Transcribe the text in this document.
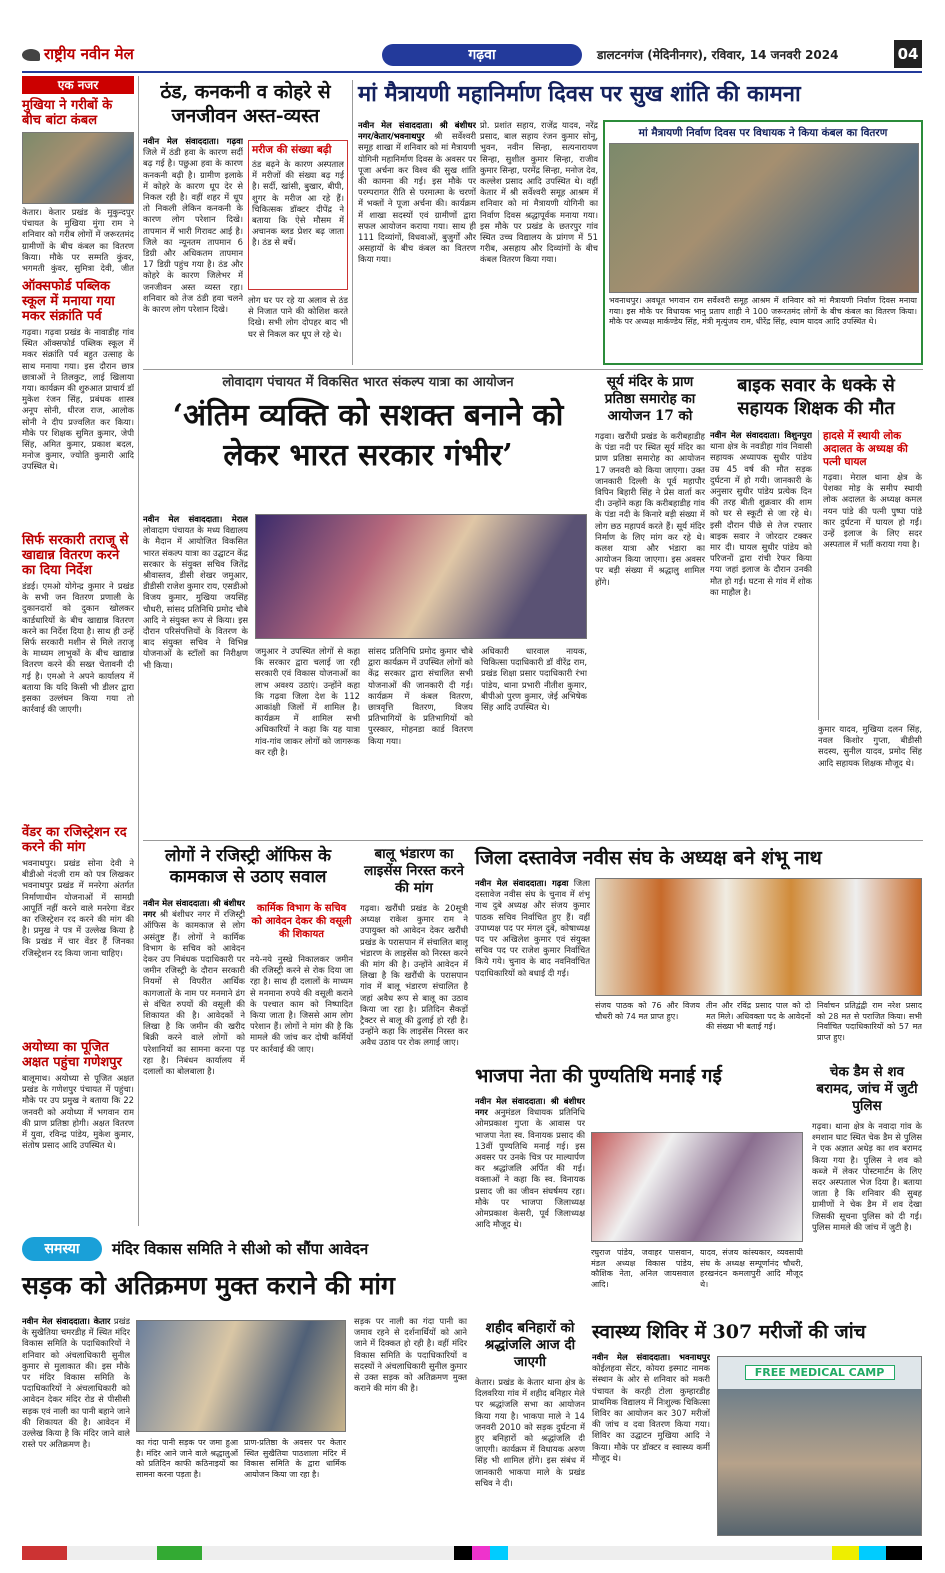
राष्ट्रीय नवीन मेल	गढ़वा	डालटनगंज (मेदिनीनगर), रविवार, 14 जनवरी 2024	04
एक नजर
मुखिया ने गरीबों के बीच बांटा कंबल
केतार। केतार प्रखंड के मुकुन्दपुर पंचायत के मुखिया मुंगा राम ने शनिवार को गरीब लोगों में जरूरतमंद ग्रामीणों के बीच कंबल का वितरण किया। मौके पर सम्मति कुंवर, भगमती कुंवर, सुमित्रा देवी, जीत
ऑक्सफोर्ड पब्लिक स्कूल में मनाया गया मकर संक्रांति पर्व
गढ़वा। गढ़वा प्रखंड के नावाडीह गांव स्थित ऑक्सफोर्ड पब्लिक स्कूल में मकर संक्रांति पर्व बहुत उत्साह के साथ मनाया गया। इस दौरान छात्र छात्राओं ने तिलकुट, लाई खिलाया गया। कार्यक्रम की शुरुआत प्राचार्य डॉ मुकेश रंजन सिंह, प्रबंधक शास्त्र अनूप सोनी, धीरज राज, आलोक सोनी ने दीप प्रज्वलित कर किया। मौके पर शिक्षक सुमित कुमार, जेपी सिंह, अमित कुमार, प्रकाश बदल, मनोज कुमार, ज्योति कुमारी आदि उपस्थित थे।
सिर्फ सरकारी तराजू से खाद्यान्न वितरण करने का दिया निर्देश
डंडई। एमओ योगेन्द्र कुमार ने प्रखंड के सभी जन वितरण प्रणाली के दुकानदारों को दुकान खोलकर कार्डधारियों के बीच खाद्यान्न वितरण करने का निर्देश दिया है। साथ ही उन्हें सिर्फ सरकारी मशीन से मिले तराजू के माध्यम लाभुकों के बीच खाद्यान्न वितरण करने की सख्त चेतावनी दी गई है। एमओ ने अपने कार्यालय में बताया कि यदि किसी भी डीलर द्वारा इसका उल्लंघन किया गया तो कार्रवाई की जाएगी।
वेंडर का रजिस्ट्रेशन रद करने की मांग
भवनाथपुर। प्रखंड सोना देवी ने बीडीओ नंदजी राम को पत्र लिखकर भवनाथपुर प्रखंड में मनरेगा अंतर्गत निर्माणाधीन योजनाओं में सामग्री आपूर्ति नहीं करने वाले मनरेगा वेंडर का रजिस्ट्रेशन रद करने की मांग की है। प्रमुख ने पत्र में उल्लेख किया है कि प्रखंड में चार वेंडर हैं जिनका रजिस्ट्रेशन रद किया जाना चाहिए।
अयोध्या का पूजित अक्षत पहुंचा गणेशपुर
बालूमाथ। अयोध्या से पूजित अक्षत प्रखंड के गणेशपुर पंचायत में पहुंचा। मौके पर उप प्रमुख ने बताया कि 22 जनवरी को अयोध्या में भगवान राम की प्राण प्रतिष्ठा होगी। अक्षत वितरण में युवा, रविन्द्र पांडेय, मुकेश कुमार, संतोष प्रसाद आदि उपस्थित थे।
ठंड, कनकनी व कोहरे से जनजीवन अस्त-व्यस्त
नवीन मेल संवाददाता। गढ़वा जिले में ठंडी हवा के कारण सर्दी बढ़ गई है। पछुआ हवा के कारण कनकनी बढ़ी है। ग्रामीण इलाके में कोहरे के कारण धूप देर से निकल रही है। वहीं शहर में धूप तो निकली लेकिन कनकनी के कारण लोग परेशान दिखे। तापमान में भारी गिरावट आई है। जिले का न्यूनतम तापमान 6 डिग्री और अधिकतम तापमान 17 डिग्री पहुंच गया है। ठंड और कोहरे के कारण जिलेभर में जनजीवन अस्त व्यस्त रहा। शनिवार को तेज ठंडी हवा चलने के कारण लोग परेशान दिखे।
मरीज की संख्या बढ़ी
ठंड बढ़ने के कारण अस्पताल में मरीजों की संख्या बढ़ गई है। सर्दी, खांसी, बुखार, बीपी, शुगर के मरीज आ रहे हैं। चिकित्सक डॉक्टर दीपेंद्र ने बताया कि ऐसे मौसम में अचानक ब्लड प्रेशर बढ़ जाता है। ठंड से बचें।
लोग घर पर रहे या अलाव से ठंड से निजात पाने की कोशिश करते दिखे। सभी लोग दोपहर बाद भी घर से निकल कर धूप ले रहे थे।
मां मैत्रायणी महानिर्माण दिवस पर सुख शांति की कामना
नवीन मेल संवाददाता। श्री बंशीधर नगर/केतार/भवनाथपुर श्री सर्वेश्वरी समूह शाखा में शनिवार को मां मैत्रायणी योगिनी महानिर्माण दिवस के अवसर पर पूजा अर्चना कर विश्व की सुख शांति की कामना की गई। इस मौके पर परम्परागत रीति से परमात्मा के चरणों में भक्तों ने पूजा अर्चना की। कार्यक्रम में शाखा सदस्यों एवं ग्रामीणों द्वारा सफल आयोजन कराया गया। साथ ही 111 दिव्यांगों, विधवाओं, बुजुर्गों और असहायों के बीच कंबल का वितरण किया गया।
प्रो. प्रशांत सहाय, राजेंद्र यादव, नरेंद्र प्रसाद, बाल सहाय रंजन कुमार सोनू, भुवन, नवीन सिन्हा, सत्यनारायण सिन्हा, सुशील कुमार सिन्हा, राजीव कुमार सिन्हा, परमेंद्र सिन्हा, मनोज देव, कल्लेश प्रसाद आदि उपस्थित थे। वहीं केतार में श्री सर्वेश्वरी समूह आश्रम में शनिवार को मां मैत्रायणी योगिनी का निर्वाण दिवस श्रद्धापूर्वक मनाया गया। इस मौके पर प्रखंड के छतरपुर गांव स्थित उच्च विद्यालय के प्रांगण में 51 गरीब, असहाय और दिव्यांगों के बीच कंबल वितरण किया गया।
मां मैत्रायणी निर्वाण दिवस पर विधायक ने किया कंबल का वितरण
भवनाथपुर। अवधूत भगवान राम सर्वेश्वरी समूह आश्रम में शनिवार को मां मैत्रायणी निर्वाण दिवस मनाया गया। इस मौके पर विधायक भानु प्रताप शाही ने 100 जरूरतमंद लोगों के बीच कंबल का वितरण किया। मौके पर अध्यक्ष मार्कण्डेय सिंह, मंत्री मृत्युंजय राम, धीरेंद्र सिंह, श्याम यादव आदि उपस्थित थे।
लोवादाग पंचायत में विकसित भारत संकल्प यात्रा का आयोजन
‘अंतिम व्यक्ति को सशक्त बनाने को लेकर भारत सरकार गंभीर’
नवीन मेल संवाददाता। मेराल लोवादाग पंचायत के मध्य विद्यालय के मैदान में आयोजित विकसित भारत संकल्प यात्रा का उद्घाटन केंद्र सरकार के संयुक्त सचिव जितेंद्र श्रीवास्तव, डीसी शेखर जमुआर, डीडीसी राजेश कुमार राय, एसडीओ विजय कुमार, मुखिया जयसिंह चौधरी, सांसद प्रतिनिधि प्रमोद चौबे आदि ने संयुक्त रूप से किया। इस दौरान परिसंपत्तियों के वितरण के बाद संयुक्त सचिव ने विभिन्न योजनाओं के स्टॉलों का निरीक्षण भी किया।
जमुआर ने उपस्थित लोगों से कहा कि सरकार द्वारा चलाई जा रही सरकारी एवं विकास योजनाओं का लाभ अवश्य उठाएं। उन्होंने कहा कि गढ़वा जिला देश के 112 आकांक्षी जिलों में शामिल है। कार्यक्रम में शामिल सभी अधिकारियों ने कहा कि यह यात्रा गांव-गांव जाकर लोगों को जागरूक कर रही है।
सांसद प्रतिनिधि प्रमोद कुमार चौबे द्वारा कार्यक्रम में उपस्थित लोगों को केंद्र सरकार द्वारा संचालित सभी योजनाओं की जानकारी दी गई। कार्यक्रम में कंबल वितरण, छात्रवृत्ति वितरण, विजय प्रतिभागियों के प्रतिभागियों को पुरस्कार, मोहनडा कार्ड वितरण किया गया।
अधिकारी धारवाल नायक, चिकित्सा पदाधिकारी डॉ वीरेंद्र राम, प्रखंड शिक्षा प्रसार पदाधिकारी रंभा पांडेय, थाना प्रभारी नीतीश कुमार, बीपीओ पुरण कुमार, जेई अभिषेक सिंह आदि उपस्थित थे।
सूर्य मंदिर के प्राण प्रतिष्ठा समारोह का आयोजन 17 को
गढ़वा। खरौंधी प्रखंड के करीबहाडीह के पंडा नदी पर स्थित सूर्य मंदिर का प्राण प्रतिष्ठा समारोह का आयोजन 17 जनवरी को किया जाएगा। उक्त जानकारी दिल्ली के पूर्व महापौर विपिन बिहारी सिंह ने प्रेस वार्ता कर दी। उन्होंने कहा कि करीबहाडीह गांव के पंडा नदी के किनारे बड़ी संख्या में लोग छठ महापर्व करते हैं। सूर्य मंदिर निर्माण के लिए मांग कर रहे थे। कलश यात्रा और भंडारा का आयोजन किया जाएगा। इस अवसर पर बड़ी संख्या में श्रद्धालु शामिल होंगे।
बाइक सवार के धक्के से सहायक शिक्षक की मौत
नवीन मेल संवाददाता। विशुनपुरा थाना क्षेत्र के नवडीहा गांव निवासी सहायक अध्यापक सुधीर पांडेय उम्र 45 वर्ष की मौत सड़क दुर्घटना में हो गयी। जानकारी के अनुसार सुधीर पांडेय प्रत्येक दिन की तरह बीती शुक्रवार की शाम को घर से स्कूटी से जा रहे थे। इसी दौरान पीछे से तेज रफ्तार बाइक सवार ने जोरदार टक्कर मार दी। घायल सुधीर पांडेय को परिजनों द्वारा रांची रेफर किया गया जहां इलाज के दौरान उनकी मौत हो गई। घटना से गांव में शोक का माहौल है।
हादसे में स्थायी लोक अदालत के अध्यक्ष की पत्नी घायल
गढ़वा। मेराल थाना क्षेत्र के पेशका मोड़ के समीप स्थायी लोक अदालत के अध्यक्ष कमल नयन पांडे की पत्नी पुष्पा पांडे कार दुर्घटना में घायल हो गईं। उन्हें इलाज के लिए सदर अस्पताल में भर्ती कराया गया है।
कुमार यादव, मुखिया दलन सिंह, नवल किशोर गुप्ता, बीडीसी सदस्य, सुनील यादव, प्रमोद सिंह आदि सहायक शिक्षक मौजूद थे।
लोगों ने रजिस्ट्री ऑफिस के कामकाज से उठाए सवाल
नवीन मेल संवाददाता। श्री बंशीधर नगर श्री बंशीधर नगर में रजिस्ट्री ऑफिस के कामकाज से लोग असंतुष्ट हैं। लोगों ने कार्मिक विभाग के सचिव को आवेदन देकर उप निबंधक पदाधिकारी पर जमीन रजिस्ट्री के दौरान सरकारी नियमों से विपरीत आर्थिक कागजातों के नाम पर मनमाने ढंग से वंचित रुपयों की वसूली की शिकायत की है। आवेदकों ने लिखा है कि जमीन की खरीद बिक्री करने वाले लोगों को परेशानियों का सामना करना पड़ रहा है। निबंधन कार्यालय में दलालों का बोलबाला है।
कार्मिक विभाग के सचिव को आवेदन देकर की वसूली की शिकायत
नये-नये नुस्खे निकालकर जमीन की रजिस्ट्री करने से रोक दिया जा रहा है। साथ ही दलालों के माध्यम से मनमाना रुपये की वसूली कराने के पश्चात काम को निष्पादित किया जाता है। जिससे आम लोग परेशान हैं। लोगों ने मांग की है कि मामले की जांच कर दोषी कर्मियों पर कार्रवाई की जाए।
बालू भंडारण का लाइसेंस निरस्त करने की मांग
गढ़वा। खरौंधी प्रखंड के 20सूत्री अध्यक्ष राकेश कुमार राम ने उपायुक्त को आवेदन देकर खरौंधी प्रखंड के परासपान में संचालित बालू भंडारण के लाइसेंस को निरस्त करने की मांग की है। उन्होंने आवेदन में लिखा है कि खरौंधी के परासपान गांव में बालू भंडारण संचालित है जहां अवैध रूप से बालू का उठाव किया जा रहा है। प्रतिदिन सैकड़ों ट्रैक्टर से बालू की ढुलाई हो रही है। उन्होंने कहा कि लाइसेंस निरस्त कर अवैध उठाव पर रोक लगाई जाए।
जिला दस्तावेज नवीस संघ के अध्यक्ष बने शंभू नाथ
नवीन मेल संवाददाता। गढ़वा जिला दस्तावेज नवीस संघ के चुनाव में शंभू नाथ दुबे अध्यक्ष और संजय कुमार पाठक सचिव निर्वाचित हुए हैं। वहीं उपाध्यक्ष पद पर मंगल दुबे, कोषाध्यक्ष पद पर अखिलेश कुमार एवं संयुक्त सचिव पद पर राजेश कुमार निर्वाचित किये गये। चुनाव के बाद नवनिर्वाचित पदाधिकारियों को बधाई दी गई।
संजय पाठक को 76 और विजय चौधरी को 74 मत प्राप्त हुए।
तीन और रविंद्र प्रसाद पाल को दो मत मिले। अधिवक्ता पद के आवेदनों की संख्या भी बताई गई।
निर्वाचन प्रतिद्वंद्वी राम नरेश प्रसाद को 28 मत से पराजित किया। सभी निर्वाचित पदाधिकारियों को 57 मत प्राप्त हुए।
भाजपा नेता की पुण्यतिथि मनाई गई
नवीन मेल संवाददाता। श्री बंशीधर नगर अनुमंडल विधायक प्रतिनिधि ओमप्रकाश गुप्ता के आवास पर भाजपा नेता स्व. विनायक प्रसाद की 13वीं पुण्यतिथि मनाई गई। इस अवसर पर उनके चित्र पर माल्यार्पण कर श्रद्धांजलि अर्पित की गई। वक्ताओं ने कहा कि स्व. विनायक प्रसाद जी का जीवन संघर्षमय रहा। मौके पर भाजपा जिलाध्यक्ष ओमप्रकाश केसरी, पूर्व जिलाध्यक्ष आदि मौजूद थे।
रघुराज पांडेय, जवाहर पासवान, मंडल अध्यक्ष विकास पांडेय, कौशिक नेता, अनिल जायसवाल आदि।
यादव, संजय कांस्यकार, व्यवसायी संघ के अध्यक्ष सम्पूर्णानंद चौधरी, हरखनंदन कमलापुरी आदि मौजूद थे।
चेक डैम से शव बरामद, जांच में जुटी पुलिस
गढ़वा। थाना क्षेत्र के नवादा गांव के श्मशान घाट स्थित चेक डैम से पुलिस ने एक अज्ञात अधेड़ का शव बरामद किया गया है। पुलिस ने शव को कब्जे में लेकर पोस्टमार्टम के लिए सदर अस्पताल भेज दिया है। बताया जाता है कि शनिवार की सुबह ग्रामीणों ने चेक डैम में शव देखा जिसकी सूचना पुलिस को दी गई। पुलिस मामले की जांच में जुटी है।
समस्या	मंदिर विकास समिति ने सीओ को सौंपा आवेदन
सड़क को अतिक्रमण मुक्त कराने की मांग
नवीन मेल संवाददाता। केतार प्रखंड के सुखैतिया चमरडीह में स्थित मंदिर विकास समिति के पदाधिकारियों ने शनिवार को अंचलाधिकारी सुनील कुमार से मुलाकात की। इस मौके पर मंदिर विकास समिति के पदाधिकारियों ने अंचलाधिकारी को आवेदन देकर मंदिर रोड से पीसीसी सड़क एवं नाली का पानी बहाने जाने की शिकायत की है। आवेदन में उल्लेख किया है कि मंदिर जाने वाले रास्ते पर अतिक्रमण है।	का गंदा पानी सड़क पर जमा हुआ है। मंदिर आने जाने वाले श्रद्धालुओं को प्रतिदिन काफी कठिनाइयों का सामना करना पड़ता है।
प्राण-प्रतिष्ठा के अवसर पर केतार स्थित सुखैतिया पाठशाला मंदिर में विकास समिति के द्वारा धार्मिक आयोजन किया जा रहा है।
सड़क पर नाली का गंदा पानी का जमाव रहने से दर्शनार्थियों को आने जाने में दिक्कत हो रही है। वहीं मंदिर विकास समिति के पदाधिकारियों व सदस्यों ने अंचलाधिकारी सुनील कुमार से उक्त सड़क को अतिक्रमण मुक्त कराने की मांग की है।
शहीद बनिहारों को श्रद्धांजलि आज दी जाएगी
केतार। प्रखंड के केतार थाना क्षेत्र के दिलवरिया गांव में शहीद बनिहार मेले पर श्रद्धांजलि सभा का आयोजन किया गया है। भाकपा माले ने 14 जनवरी 2010 को सड़क दुर्घटना में हुए बनिहारों को श्रद्धांजलि दी जाएगी। कार्यक्रम में विधायक अरुण सिंह भी शामिल होंगे। इस संबंध में जानकारी भाकपा माले के प्रखंड सचिव ने दी।
स्वास्थ्य शिविर में 307 मरीजों की जांच
नवीन मेल संवाददाता। भवनाथपुर कोईलहवा सेंटर, कोयरा इस्माट नामक संस्थान के ओर से शनिवार को मकरी पंचायत के करही टोला कुम्हारडीह प्राथमिक विद्यालय में निःशुल्क चिकित्सा शिविर का आयोजन कर 307 मरीजों की जांच व दवा वितरण किया गया। शिविर का उद्घाटन मुखिया आदि ने किया। मौके पर डॉक्टर व स्वास्थ्य कर्मी मौजूद थे।
FREE MEDICAL CAMP
